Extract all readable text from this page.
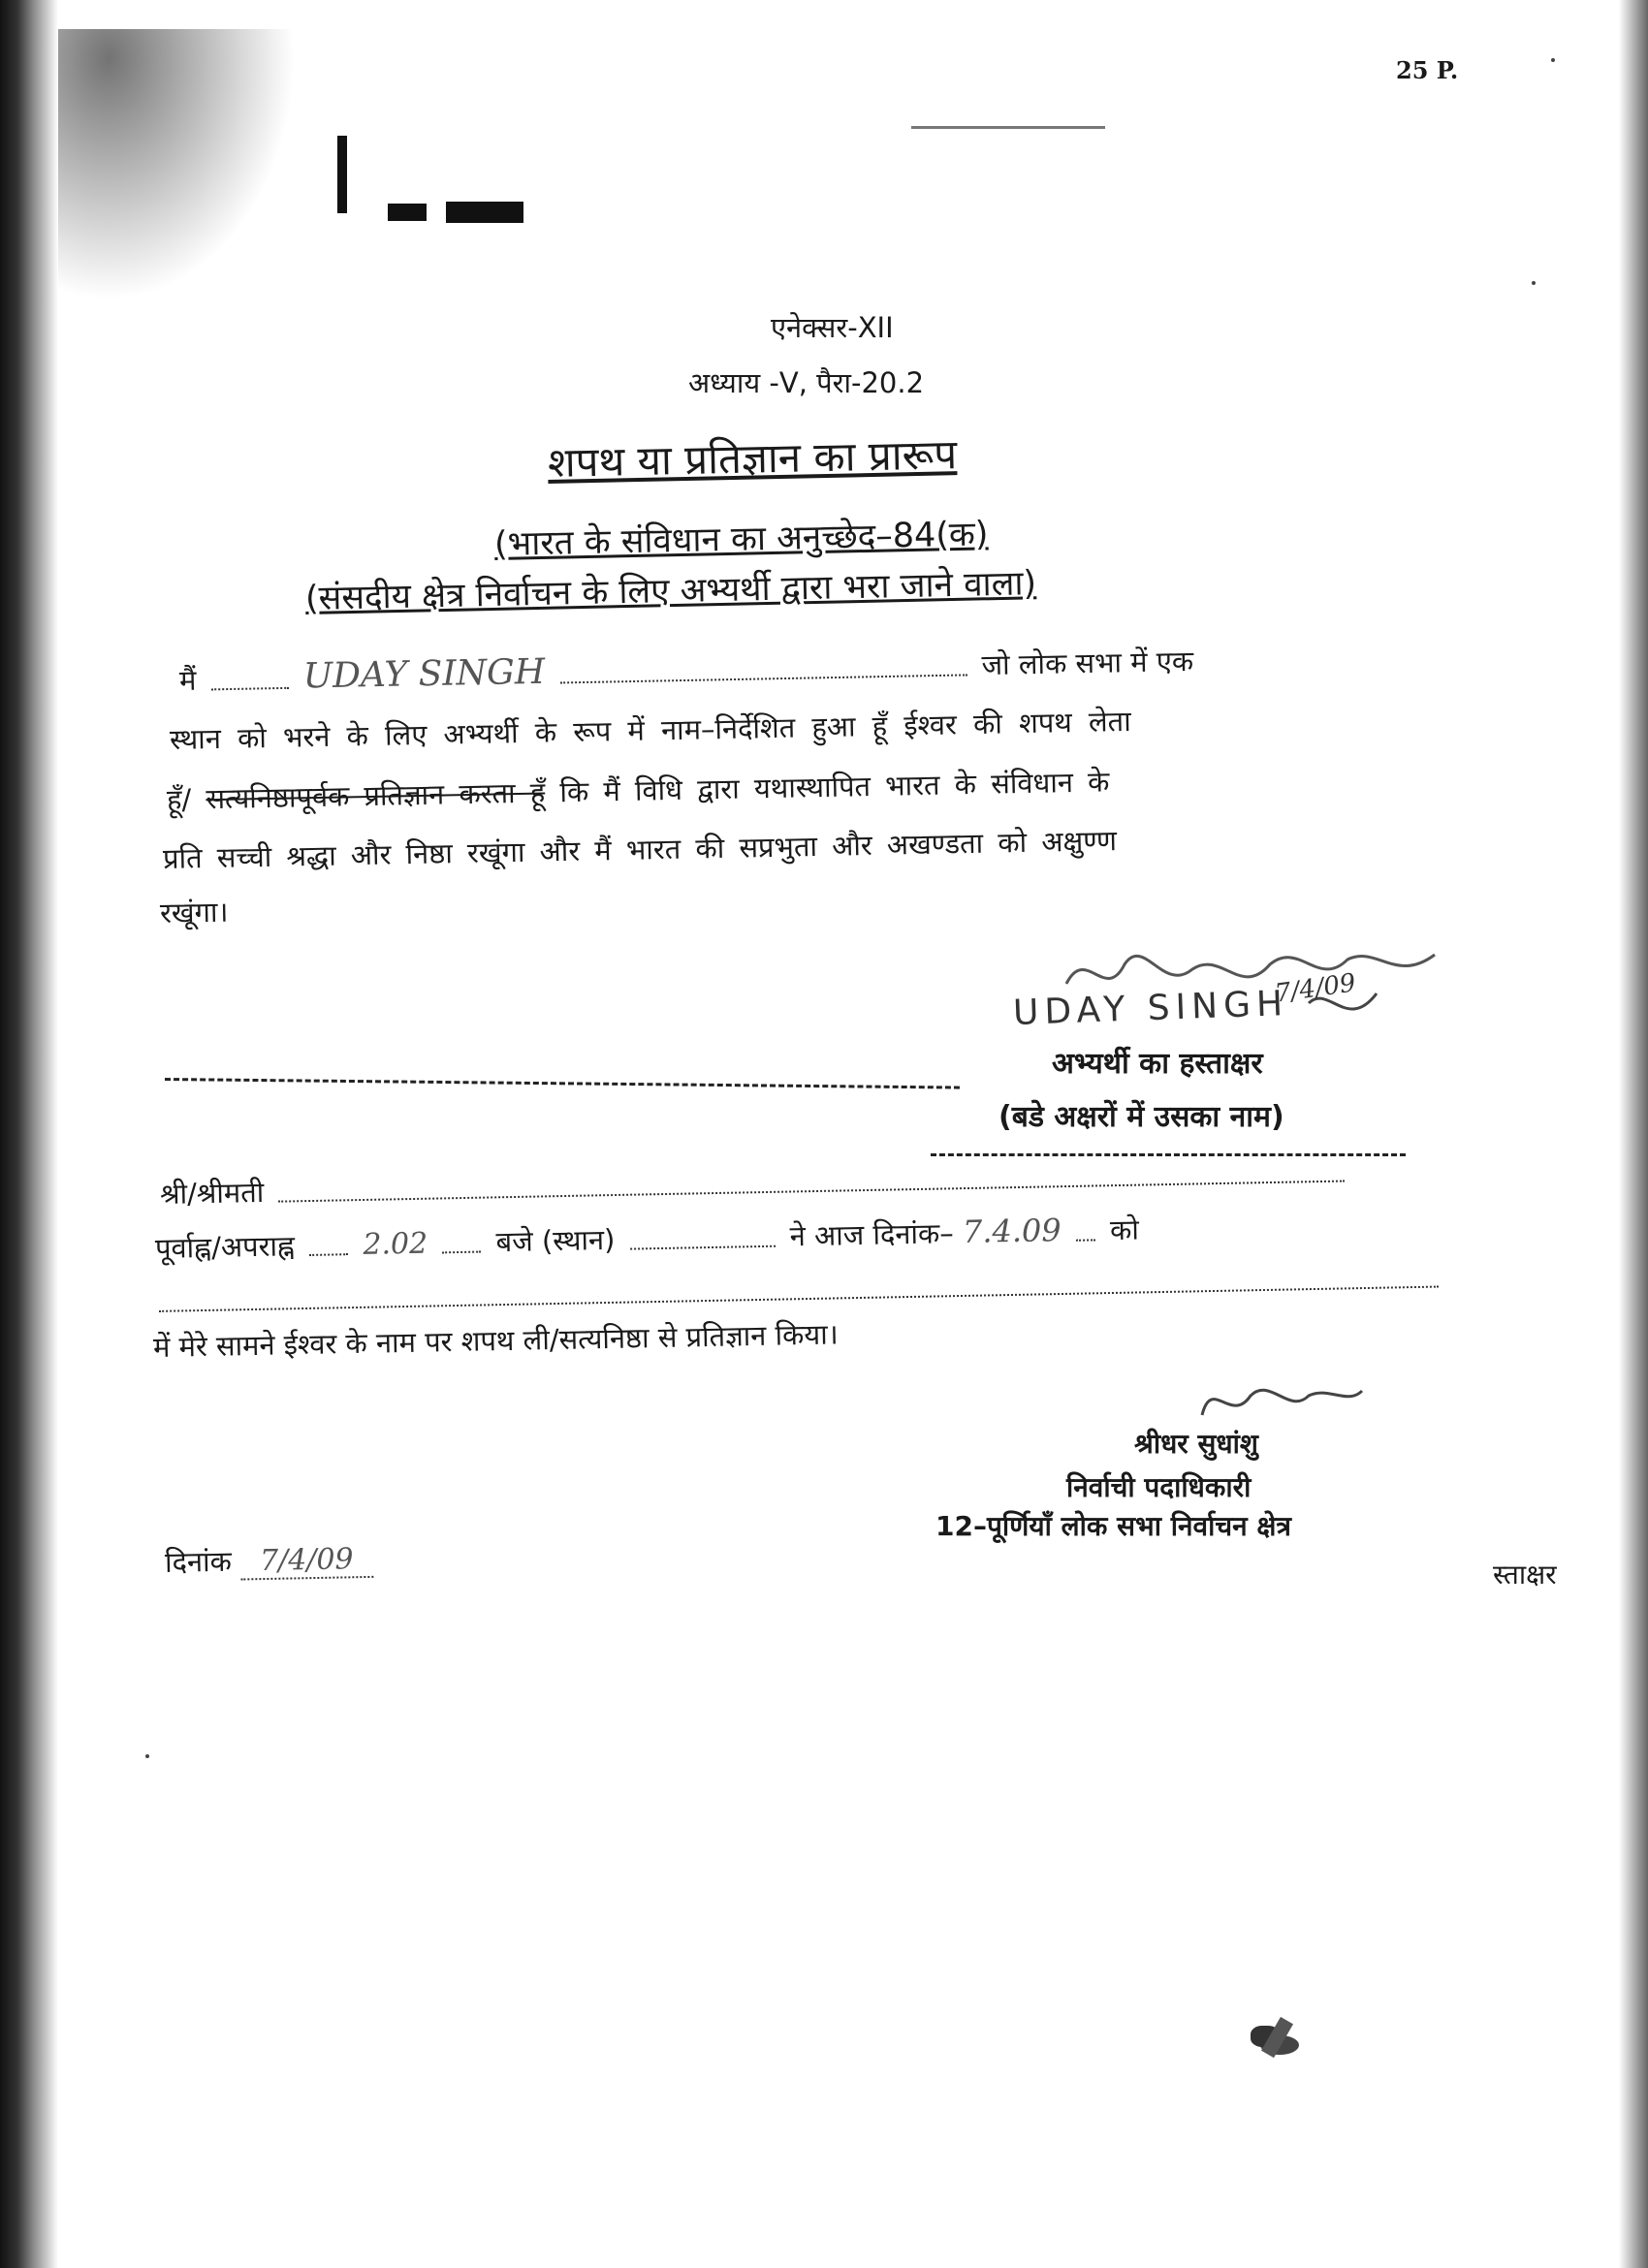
25 P.
एनेक्सर-XII
अध्याय -V, पैरा-20.2
शपथ या प्रतिज्ञान का प्रारूप
(भारत के संविधान का अनुच्छेद–84(क)
(संसदीय क्षेत्र निर्वाचन के लिए अभ्यर्थी द्वारा भरा जाने वाला)
मैं	UDAY SINGH	जो लोक सभा में एक
स्थान को भरने के लिए अभ्यर्थी के रूप में नाम–निर्देशित हुआ हूँ ईश्वर की शपथ लेता
हूँ/ सत्यनिष्ठापूर्वक प्रतिज्ञान करता हूँ कि मैं विधि द्वारा यथास्थापित भारत के संविधान के
प्रति सच्ची श्रद्धा और निष्ठा रखूंगा और मैं भारत की सप्रभुता और अखण्डता को अक्षुण्ण
रखूंगा।
7/4/09
UDAY SINGH
अभ्यर्थी का हस्ताक्षर
(बडे अक्षरों में उसका नाम)
श्री/श्रीमती
पूर्वाह्न/अपराह्न 2.02 बजे (स्थान)	ने आज दिनांक– 7.4.09 को
में मेरे सामने ईश्वर के नाम पर शपथ ली/सत्यनिष्ठा से प्रतिज्ञान किया।
श्रीधर सुधांशु
निर्वाची पदाधिकारी
12–पूर्णियाँ लोक सभा निर्वाचन क्षेत्र
दिनांक 7/4/09	स्ताक्षर
